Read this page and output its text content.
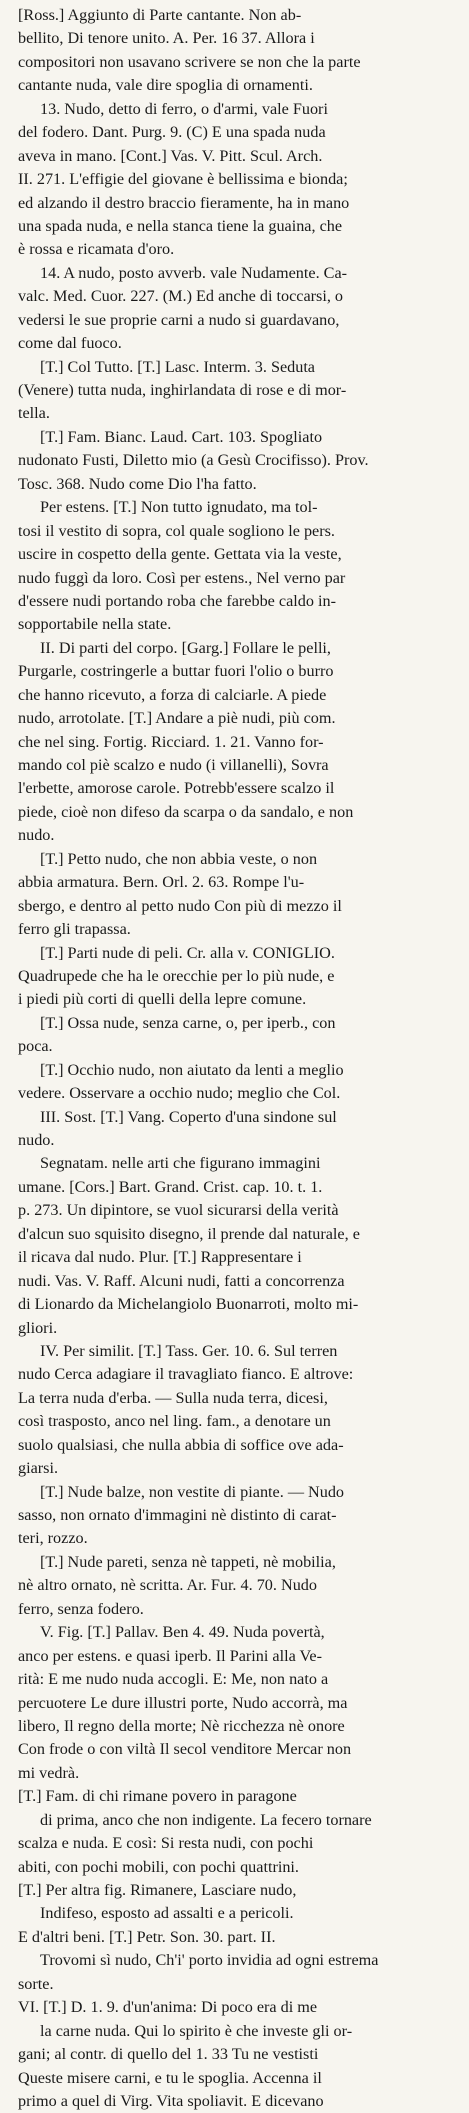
[Ross.] Aggiunto di Parte cantante. Non ab-
bellito, Di tenore unito. A. Per. 16 37. Allora i
compositori non usavano scrivere se non che la parte
cantante nuda, vale dire spoglia di ornamenti.
13. Nudo, detto di ferro, o d'armi, vale Fuori
del fodero. Dant. Purg. 9. (C) E una spada nuda
aveva in mano. [Cont.] Vas. V. Pitt. Scul. Arch.
II. 271. L'effigie del giovane è bellissima e bionda;
ed alzando il destro braccio fieramente, ha in mano
una spada nuda, e nella stanca tiene la guaina, che
è rossa e ricamata d'oro.
14. A nudo, posto avverb. vale Nudamente. Ca-
valc. Med. Cuor. 227. (M.) Ed anche di toccarsi, o
vedersi le sue proprie carni a nudo si guardavano,
come dal fuoco.
[T.] Col Tutto. [T.] Lasc. Interm. 3. Seduta
(Venere) tutta nuda, inghirlandata di rose e di mor-
tella.
[T.] Fam. Bianc. Laud. Cart. 103. Spogliato
nudonato Fusti, Diletto mio (a Gesù Crocifisso). Prov.
Tosc. 368. Nudo come Dio l'ha fatto.
Per estens. [T.] Non tutto ignudato, ma tol-
tosi il vestito di sopra, col quale sogliono le pers.
uscire in cospetto della gente. Gettata via la veste,
nudo fuggì da loro. Così per estens., Nel verno par
d'essere nudi portando roba che farebbe caldo in-
sopportabile nella state.
II. Di parti del corpo. [Garg.] Follare le pelli,
Purgarle, costringerle a buttar fuori l'olio o burro
che hanno ricevuto, a forza di calciarle. A piede
nudo, arrotolate. [T.] Andare a piè nudi, più com.
che nel sing. Fortig. Ricciard. 1. 21. Vanno for-
mando col piè scalzo e nudo (i villanelli), Sovra
l'erbette, amorose carole. Potrebb'essere scalzo il
piede, cioè non difeso da scarpa o da sandalo, e non
nudo.
[T.] Petto nudo, che non abbia veste, o non
abbia armatura. Bern. Orl. 2. 63. Rompe l'u-
sbergo, e dentro al petto nudo Con più di mezzo il
ferro gli trapassa.
[T.] Parti nude di peli. Cr. alla v. CONIGLIO.
Quadrupede che ha le orecchie per lo più nude, e
i piedi più corti di quelli della lepre comune.
[T.] Ossa nude, senza carne, o, per iperb., con
poca.
[T.] Occhio nudo, non aiutato da lenti a meglio
vedere. Osservare a occhio nudo; meglio che Col.
III. Sost. [T.] Vang. Coperto d'una sindone sul
nudo.
Segnatam. nelle arti che figurano immagini
umane. [Cors.] Bart. Grand. Crist. cap. 10. t. 1.
p. 273. Un dipintore, se vuol sicurarsi della verità
d'alcun suo squisito disegno, il prende dal naturale, e
il ricava dal nudo. Plur. [T.] Rappresentare i
nudi. Vas. V. Raff. Alcuni nudi, fatti a concorrenza
di Lionardo da Michelangiolo Buonarroti, molto mi-
gliori.
IV. Per similit. [T.] Tass. Ger. 10. 6. Sul terren
nudo Cerca adagiare il travagliato fianco. E altrove:
La terra nuda d'erba. — Sulla nuda terra, dicesi,
così trasposto, anco nel ling. fam., a denotare un
suolo qualsiasi, che nulla abbia di soffice ove ada-
giarsi.
[T.] Nude balze, non vestite di piante. — Nudo
sasso, non ornato d'immagini nè distinto di carat-
teri, rozzo.
[T.] Nude pareti, senza nè tappeti, nè mobilia,
nè altro ornato, nè scritta. Ar. Fur. 4. 70. Nudo
ferro, senza fodero.
V. Fig. [T.] Pallav. Ben 4. 49. Nuda povertà,
anco per estens. e quasi iperb. Il Parini alla Ve-
rità: E me nudo nuda accogli. E: Me, non nato a
percuotere Le dure illustri porte, Nudo accorrà, ma
libero, Il regno della morte; Nè ricchezza nè onore
Con frode o con viltà Il secol venditore Mercar non
mi vedrà.
[T.] Fam. di chi rimane povero in paragone
di prima, anco che non indigente. La fecero tornare
scalza e nuda. E così: Si resta nudi, con pochi
abiti, con pochi mobili, con pochi quattrini.
[T.] Per altra fig. Rimanere, Lasciare nudo,
Indifeso, esposto ad assalti e a pericoli.
E d'altri beni. [T.] Petr. Son. 30. part. II.
Trovomi sì nudo, Ch'i' porto invidia ad ogni estrema
sorte.
VI. [T.] D. 1. 9. d'un'anima: Di poco era di me
la carne nuda. Qui lo spirito è che investe gli or-
gani; al contr. di quello del 1. 33 Tu ne vestisti
Queste misere carni, e tu le spoglia. Accenna il
primo a quel di Virg. Vita spoliavit. E dicevano
